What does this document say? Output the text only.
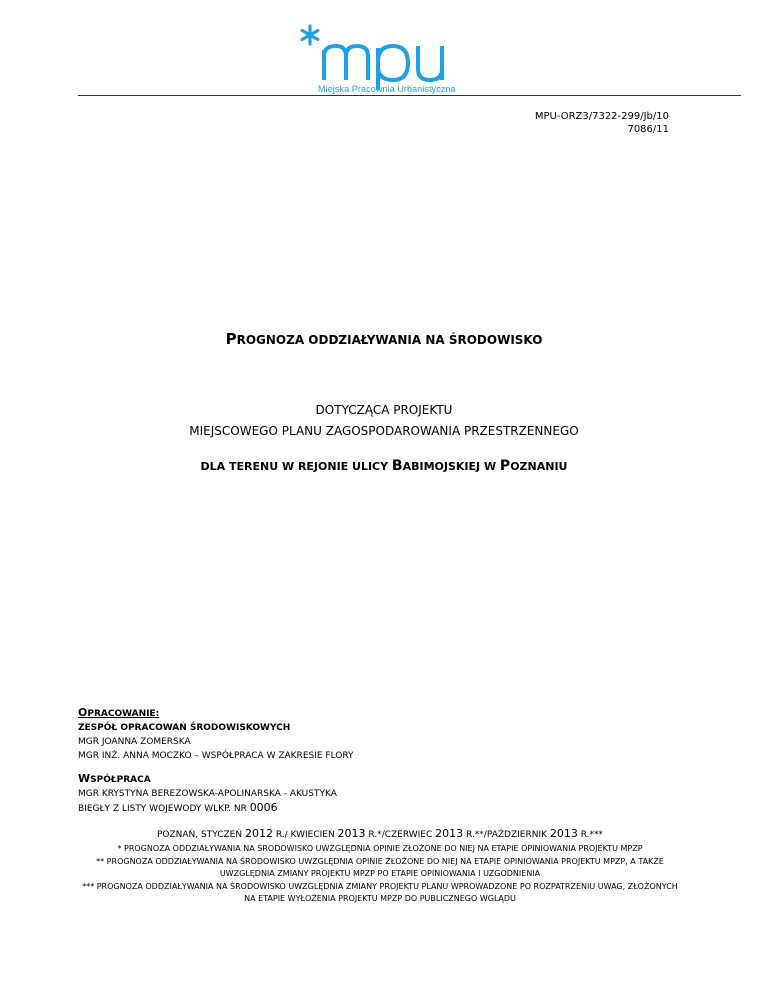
Miejska Pracownia Urbanistyczna
MPU-ORZ3/7322-299/Jb/10
7086/11
PROGNOZA ODDZIAŁYWANIA NA ŚRODOWISKO
DOTYCZĄCA PROJEKTU
MIEJSCOWEGO PLANU ZAGOSPODAROWANIA PRZESTRZENNEGO
DLA TERENU W REJONIE ULICY BABIMOJSKIEJ W POZNANIU
OPRACOWANIE:
ZESPÓŁ OPRACOWAŃ ŚRODOWISKOWYCH
MGR JOANNA ZOMERSKA
MGR INŻ. ANNA MOCZKO – WSPÓŁPRACA W ZAKRESIE FLORY
WSPÓŁPRACA
MGR KRYSTYNA BEREZOWSKA-APOLINARSKA - AKUSTYKA
BIEGŁY Z LISTY WOJEWODY WLKP. NR 0006
POZNAŃ, STYCZEŃ 2012 R./ KWIECIEŃ 2013 R.*/CZERWIEC 2013 R.**/PAŹDZIERNIK 2013 R.***
* PROGNOZA ODDZIAŁYWANIA NA ŚRODOWISKO UWZGLĘDNIA OPINIE ZŁOŻONE DO NIEJ NA ETAPIE OPINIOWANIA PROJEKTU MPZP
** PROGNOZA ODDZIAŁYWANIA NA ŚRODOWISKO UWZGLĘDNIA OPINIE ZŁOŻONE DO NIEJ NA ETAPIE OPINIOWANIA PROJEKTU MPZP, A TAKŻE
UWZGLĘDNIA ZMIANY PROJEKTU MPZP PO ETAPIE OPINIOWANIA I UZGODNIENIA
*** PROGNOZA ODDZIAŁYWANIA NA ŚRODOWISKO UWZGLĘDNIA ZMIANY PROJEKTU PLANU WPROWADZONE PO ROZPATRZENIU UWAG, ZŁOŻONYCH
NA ETAPIE WYŁOŻENIA PROJEKTU MPZP DO PUBLICZNEGO WGLĄDU
